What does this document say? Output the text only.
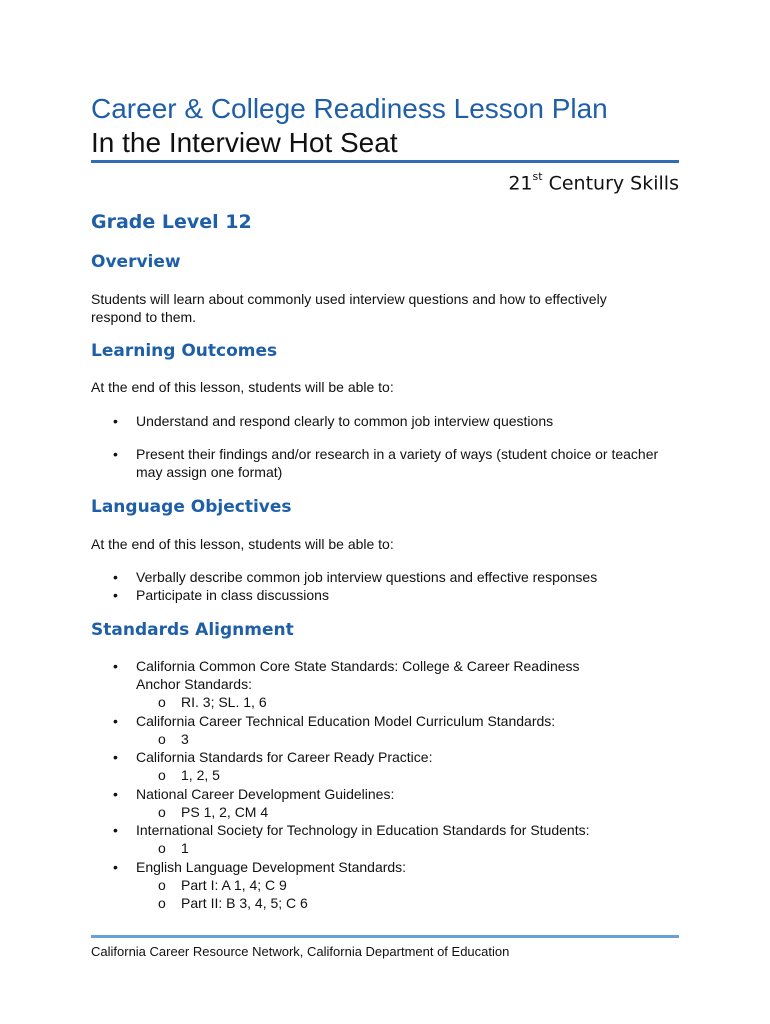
Career & College Readiness Lesson Plan
In the Interview Hot Seat
21st Century Skills
Grade Level 12
Overview
Students will learn about commonly used interview questions and how to effectively respond to them.
Learning Outcomes
At the end of this lesson, students will be able to:
• Understand and respond clearly to common job interview questions
• Present their findings and/or research in a variety of ways (student choice or teacher may assign one format)
Language Objectives
At the end of this lesson, students will be able to:
• Verbally describe common job interview questions and effective responses
• Participate in class discussions
Standards Alignment
• California Common Core State Standards: College & Career Readiness Anchor Standards:
o RI. 3; SL. 1, 6
• California Career Technical Education Model Curriculum Standards:
o 3
• California Standards for Career Ready Practice:
o 1, 2, 5
• National Career Development Guidelines:
o PS 1, 2, CM 4
• International Society for Technology in Education Standards for Students:
o 1
• English Language Development Standards:
o Part I: A 1, 4; C 9
o Part II: B 3, 4, 5; C 6
California Career Resource Network, California Department of Education
